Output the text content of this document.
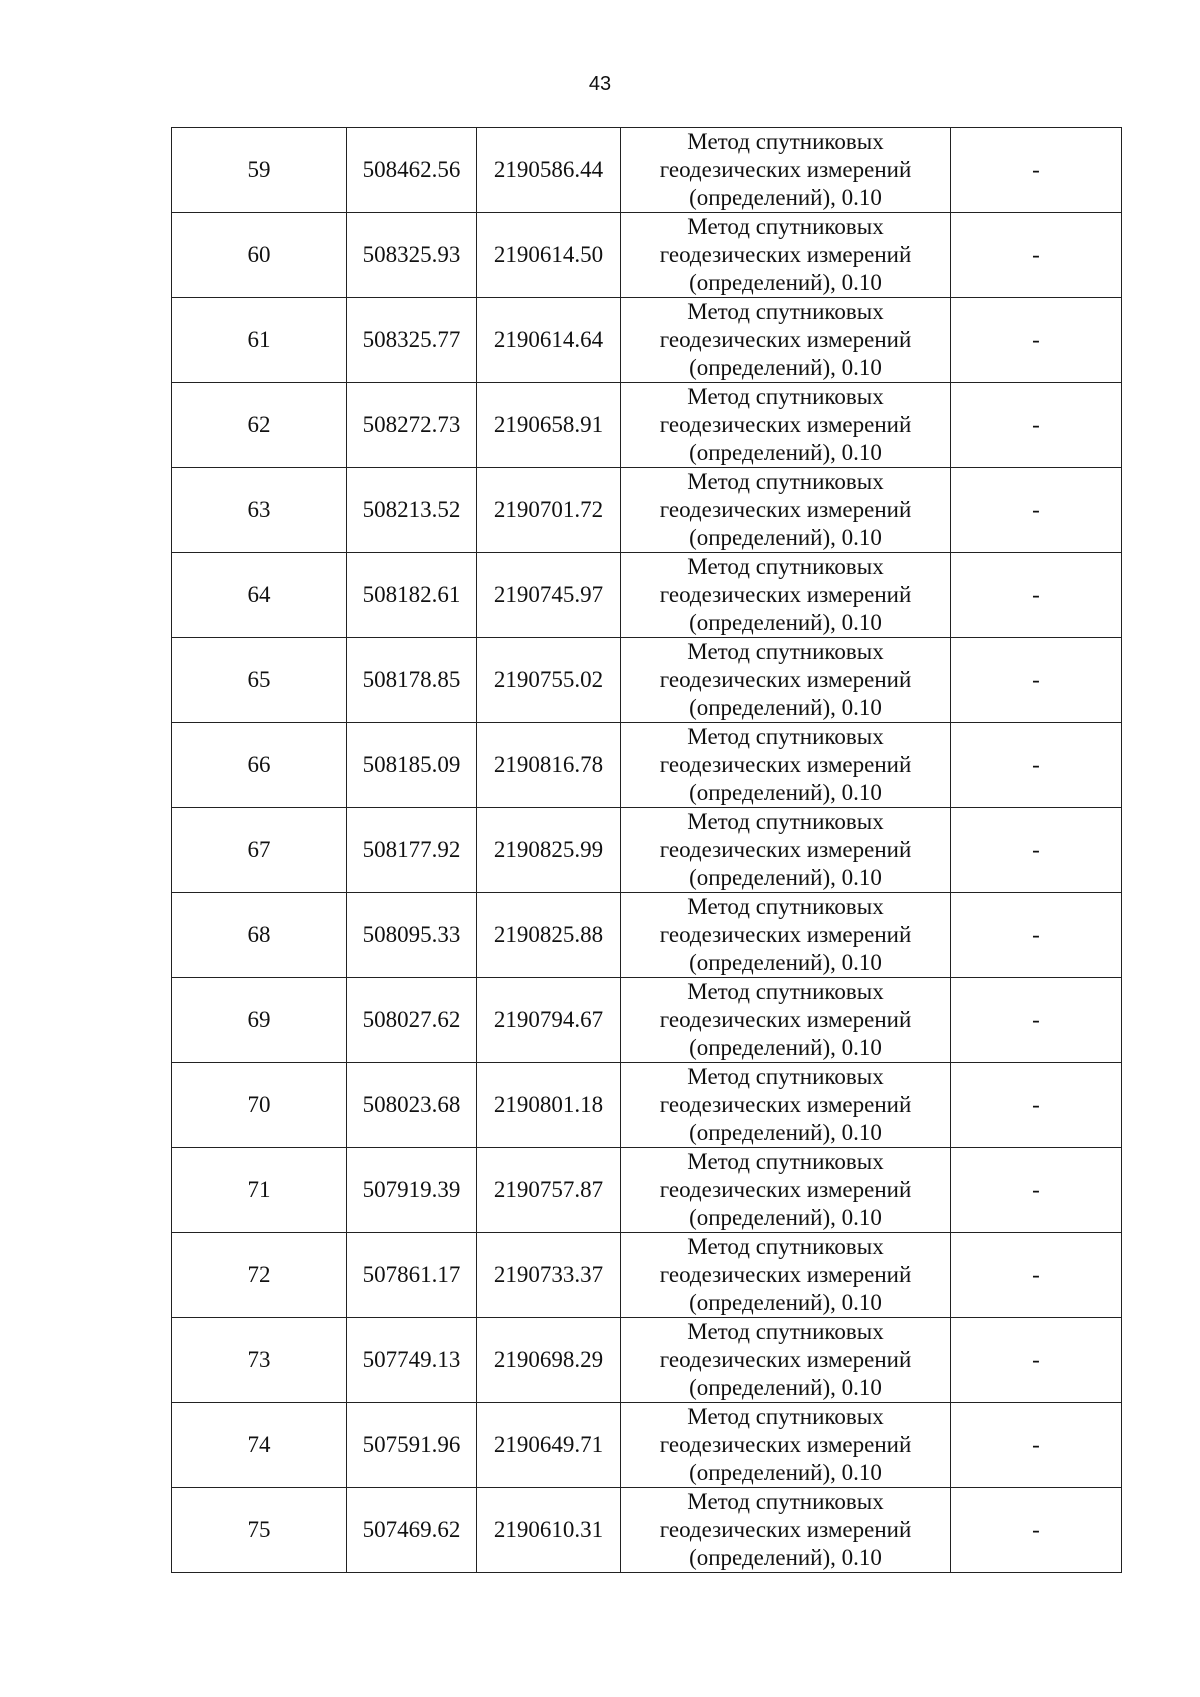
43
59	508462.56	2190586.44	Метод спутниковых
геодезических измерений
(определений), 0.10	-
60	508325.93	2190614.50	Метод спутниковых
геодезических измерений
(определений), 0.10	-
61	508325.77	2190614.64	Метод спутниковых
геодезических измерений
(определений), 0.10	-
62	508272.73	2190658.91	Метод спутниковых
геодезических измерений
(определений), 0.10	-
63	508213.52	2190701.72	Метод спутниковых
геодезических измерений
(определений), 0.10	-
64	508182.61	2190745.97	Метод спутниковых
геодезических измерений
(определений), 0.10	-
65	508178.85	2190755.02	Метод спутниковых
геодезических измерений
(определений), 0.10	-
66	508185.09	2190816.78	Метод спутниковых
геодезических измерений
(определений), 0.10	-
67	508177.92	2190825.99	Метод спутниковых
геодезических измерений
(определений), 0.10	-
68	508095.33	2190825.88	Метод спутниковых
геодезических измерений
(определений), 0.10	-
69	508027.62	2190794.67	Метод спутниковых
геодезических измерений
(определений), 0.10	-
70	508023.68	2190801.18	Метод спутниковых
геодезических измерений
(определений), 0.10	-
71	507919.39	2190757.87	Метод спутниковых
геодезических измерений
(определений), 0.10	-
72	507861.17	2190733.37	Метод спутниковых
геодезических измерений
(определений), 0.10	-
73	507749.13	2190698.29	Метод спутниковых
геодезических измерений
(определений), 0.10	-
74	507591.96	2190649.71	Метод спутниковых
геодезических измерений
(определений), 0.10	-
75	507469.62	2190610.31	Метод спутниковых
геодезических измерений
(определений), 0.10	-
